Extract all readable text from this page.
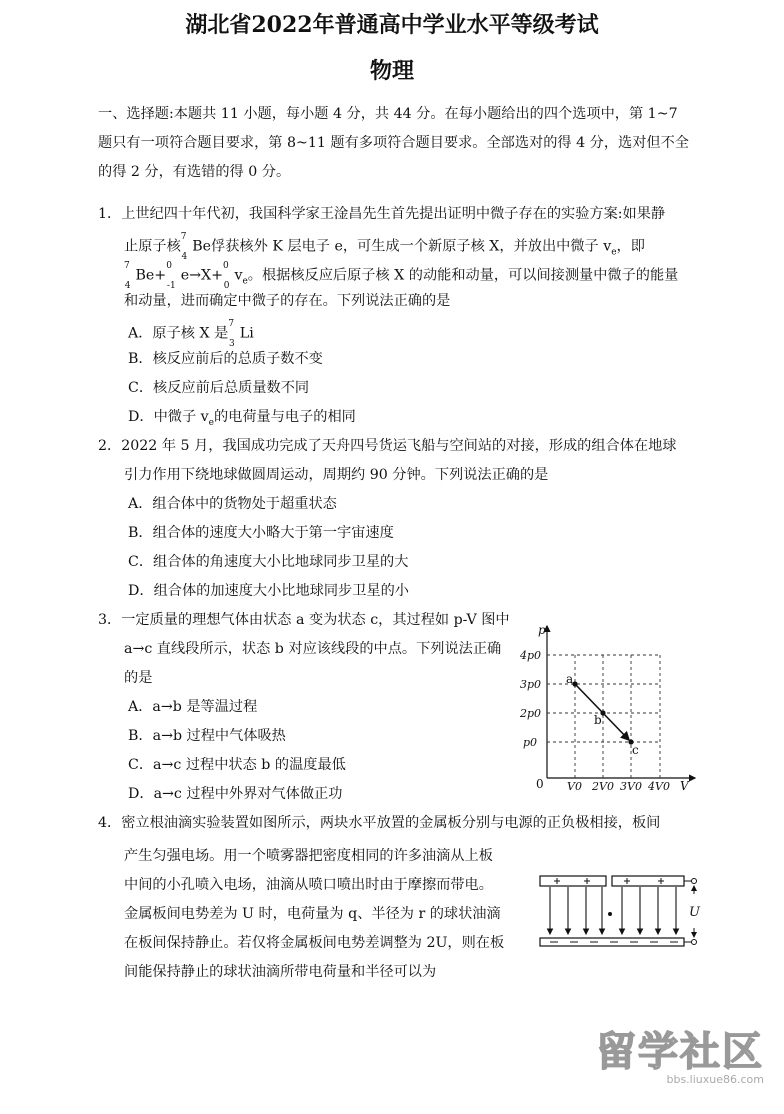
湖北省2022年普通高中学业水平等级考试
物理
一、选择题:本题共 11 小题，每小题 4 分，共 44 分。在每小题给出的四个选项中，第 1~7
题只有一项符合题目要求，第 8~11 题有多项符合题目要求。全部选对的得 4 分，选对但不全
的得 2 分，有选错的得 0 分。
1．上世纪四十年代初，我国科学家王淦昌先生首先提出证明中微子存在的实验方案:如果静
止原子核$^7_4$Be俘获核外 K 层电子 e，可生成一个新原子核 X，并放出中微子 $v_e$，即
$^7_4Be+^0_{-1}e\to X+^0_0v_e$。根据核反应后原子核 X 的动能和动量，可以间接测量中微子的能量
和动量，进而确定中微子的存在。下列说法正确的是
A．原子核 X 是$^7_3$Li
B．核反应前后的总质子数不变
C．核反应前后总质量数不同
D．中微子 $v_e$的电荷量与电子的相同
2．2022 年 5 月，我国成功完成了天舟四号货运飞船与空间站的对接，形成的组合体在地球
引力作用下绕地球做圆周运动，周期约 90 分钟。下列说法正确的是
A．组合体中的货物处于超重状态
B．组合体的速度大小略大于第一宇宙速度
C．组合体的角速度大小比地球同步卫星的大
D．组合体的加速度大小比地球同步卫星的小
3．一定质量的理想气体由状态 a 变为状态 c，其过程如 p-V 图中
a→c 直线段所示，状态 b 对应该线段的中点。下列说法正确
的是
A．a→b 是等温过程
B．a→b 过程中气体吸热
C．a→c 过程中状态 b 的温度最低
D．a→c 过程中外界对气体做正功
a
b
c
p
V
0
p0
2p0
3p0
4p0
V0 2V0 3V0 4V0
4．密立根油滴实验装置如图所示，两块水平放置的金属板分别与电源的正负极相接，板间
产生匀强电场。用一个喷雾器把密度相同的许多油滴从上板
中间的小孔喷入电场，油滴从喷口喷出时由于摩擦而带电。
金属板间电势差为 U 时，电荷量为 q、半径为 r 的球状油滴
在板间保持静止。若仅将金属板间电势差调整为 2U，则在板
间能保持静止的球状油滴所带电荷量和半径可以为
U
留学社区
bbs.liuxue86.com
